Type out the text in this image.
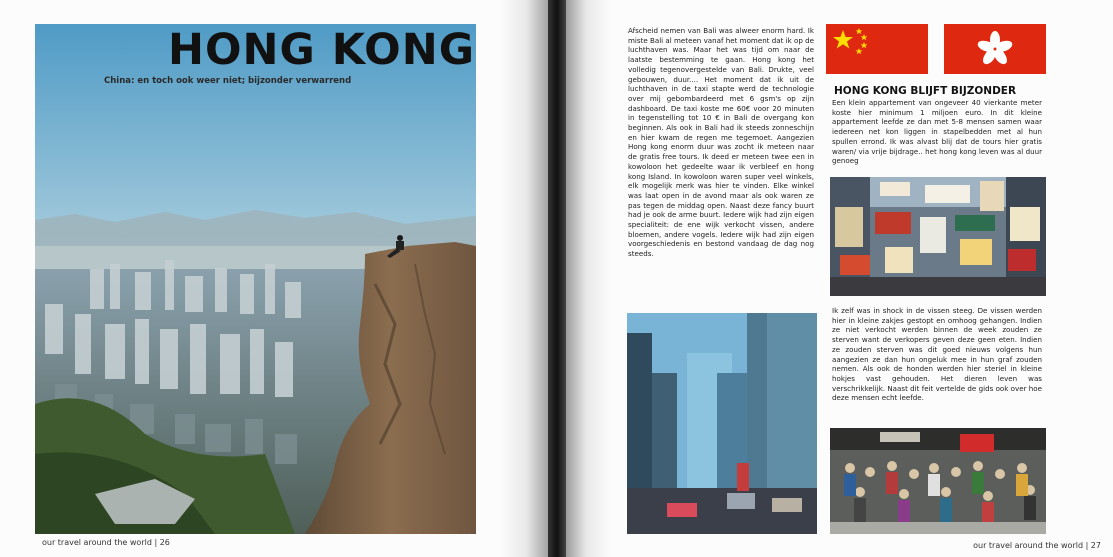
HONG KONG

China: en toch ook weer niet; bijzonder verwarrend

our travel around the world | 26

Afscheid nemen van Bali was alweer enorm hard. Ik miste Bali al meteen vanaf het moment dat ik op de luchthaven was. Maar het was tijd om naar de laatste bestemming te gaan. Hong kong het volledig tegenovergestelde van Bali. Drukte, veel gebouwen, duur.... Het moment dat ik uit de luchthaven in de taxi stapte werd de technologie over mij gebombardeerd met 6 gsm's op zijn dashboard. De taxi koste me 60€ voor 20 minuten in tegenstelling tot 10 € in Bali de overgang kon beginnen. Als ook in Bali had ik steeds zonneschijn en hier kwam de regen me tegemoet. Aangezien Hong kong enorm duur was zocht ik meteen naar de gratis free tours. Ik deed er meteen twee een in kowoloon het gedeelte waar ik verbleef en hong kong Island. In kowoloon waren super veel winkels, elk mogelijk merk was hier te vinden. Elke winkel was laat open in de avond maar als ook waren ze pas tegen de middag open. Naast deze fancy buurt had je ook de arme buurt. Iedere wijk had zijn eigen specialiteit: de ene wijk verkocht vissen, andere bloemen, andere vogels. Iedere wijk had zijn eigen voorgeschiedenis en bestond vandaag de dag nog steeds.

HONG KONG BLIJFT BIJZONDER

Een klein appartement van ongeveer 40 vierkante meter koste hier minimum 1 miljoen euro. In dit kleine appartement leefde ze dan met 5-8 mensen samen waar iedereen net kon liggen in stapelbedden met al hun spullen errond. Ik was alvast blij dat de tours hier gratis waren/ via vrije bijdrage.. het hong kong leven was al duur genoeg

Ik zelf was in shock in de vissen steeg. De vissen werden hier in kleine zakjes gestopt en omhoog gehangen. Indien ze niet verkocht werden binnen de week zouden ze sterven want de verkopers geven deze geen eten. Indien ze zouden sterven was dit goed nieuws volgens hun aangezien ze dan hun ongeluk mee in hun graf zouden nemen. Als ook de honden werden hier steriel in kleine hokjes vast gehouden. Het dieren leven was verschrikkelijk. Naast dit feit vertelde de gids ook over hoe deze mensen echt leefde.

our travel around the world | 27
